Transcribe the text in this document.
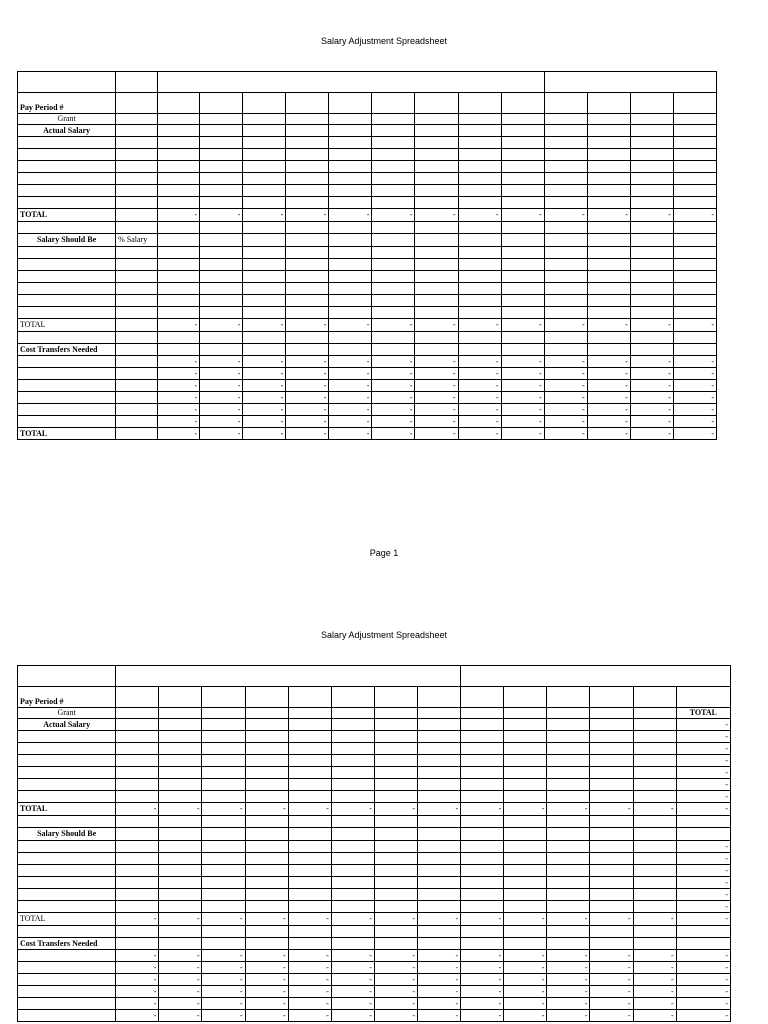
Salary Adjustment Spreadsheet

Pay Period #														
Grant														
Actual Salary														

TOTAL		-	-	-	-	-	-	-	-	-	-	-	-	-

Salary Should Be	% Salary													

TOTAL		-	-	-	-	-	-	-	-	-	-	-	-	-

Cost Transfers Needed														
		-	-	-	-	-	-	-	-	-	-	-	-	-
		-	-	-	-	-	-	-	-	-	-	-	-	-
		-	-	-	-	-	-	-	-	-	-	-	-	-
		-	-	-	-	-	-	-	-	-	-	-	-	-
		-	-	-	-	-	-	-	-	-	-	-	-	-
		-	-	-	-	-	-	-	-	-	-	-	-	-
TOTAL		-	-	-	-	-	-	-	-	-	-	-	-	-
Page 1
Salary Adjustment Spreadsheet

Pay Period #														
Grant														TOTAL
Actual Salary														-
														-
														-
														-
														-
														-
														-
TOTAL	-	-	-	-	-	-	-	-	-	-	-	-	-	-

Salary Should Be														
														-
														-
														-
														-
														-
														-
TOTAL	-	-	-	-	-	-	-	-	-	-	-	-	-	-

Cost Transfers Needed														
	-	-	-	-	-	-	-	-	-	-	-	-	-	-
	-	-	-	-	-	-	-	-	-	-	-	-	-	-
	-	-	-	-	-	-	-	-	-	-	-	-	-	-
	-	-	-	-	-	-	-	-	-	-	-	-	-	-
	-	-	-	-	-	-	-	-	-	-	-	-	-	-
	-	-	-	-	-	-	-	-	-	-	-	-	-	-
